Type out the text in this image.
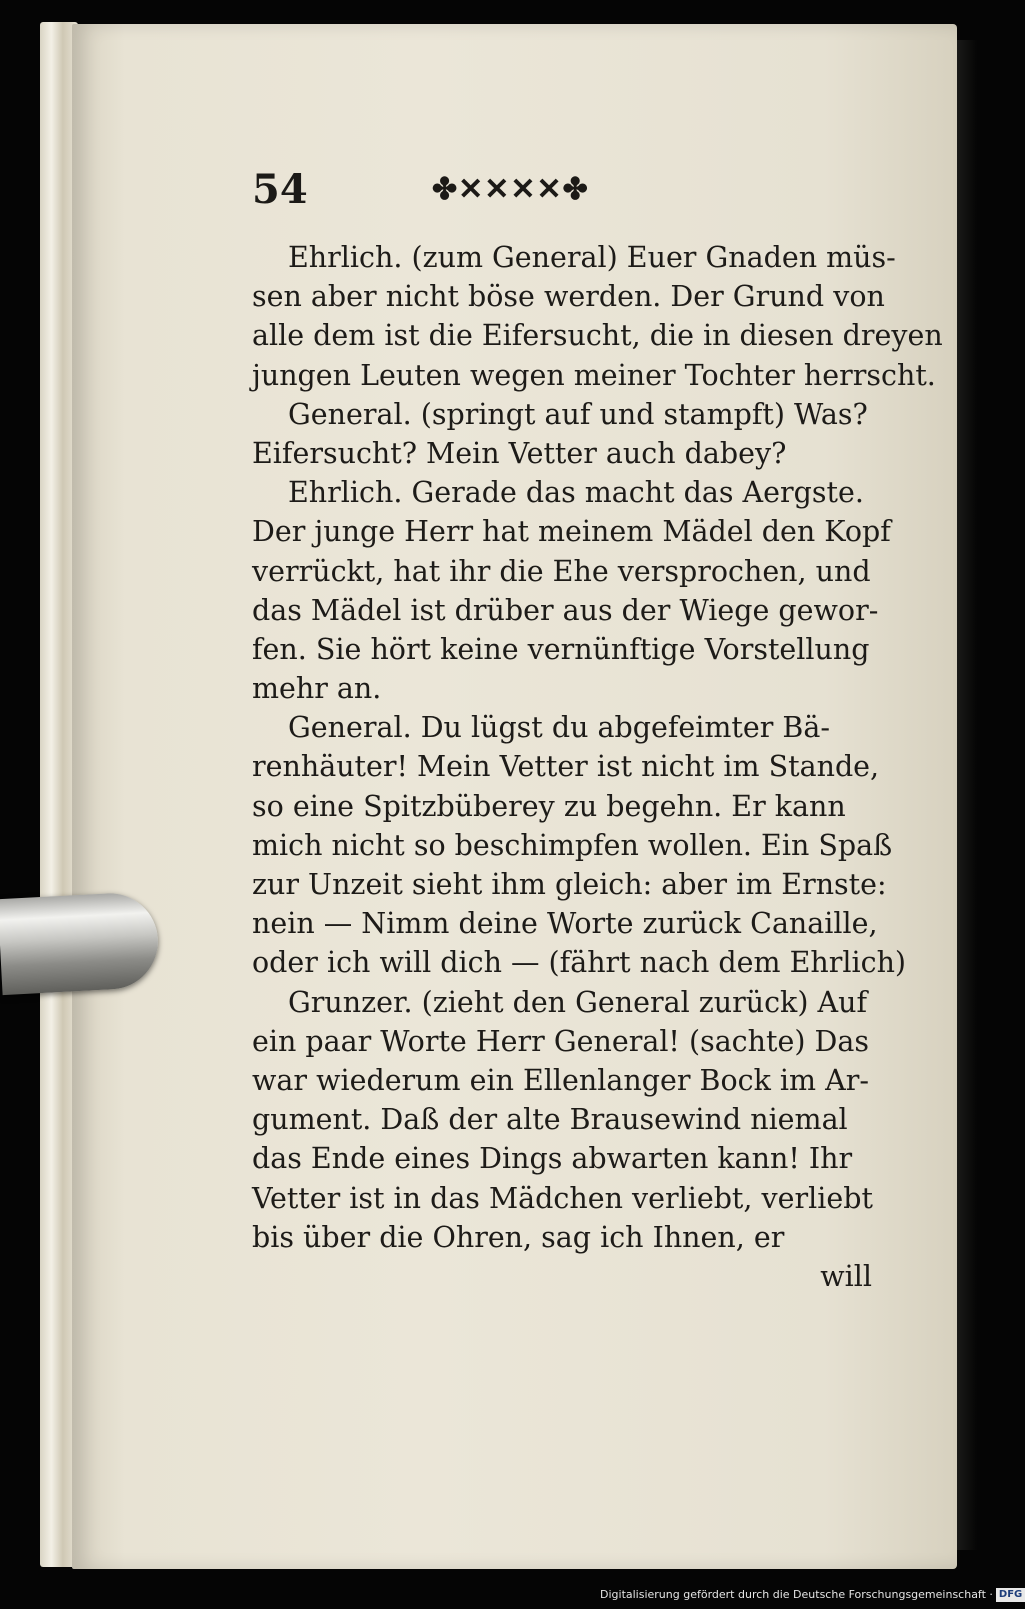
54	✤✕✕✕✕✤
Ehrlich. (zum General) Euer Gnaden müs-
sen aber nicht böse werden. Der Grund von
alle dem ist die Eifersucht, die in diesen dreyen
jungen Leuten wegen meiner Tochter herrscht.
General. (springt auf und stampft) Was?
Eifersucht? Mein Vetter auch dabey?
Ehrlich. Gerade das macht das Aergste.
Der junge Herr hat meinem Mädel den Kopf
verrückt, hat ihr die Ehe versprochen, und
das Mädel ist drüber aus der Wiege gewor-
fen. Sie hört keine vernünftige Vorstellung
mehr an.
General. Du lügst du abgefeimter Bä-
renhäuter! Mein Vetter ist nicht im Stande,
so eine Spitzbüberey zu begehn. Er kann
mich nicht so beschimpfen wollen. Ein Spaß
zur Unzeit sieht ihm gleich: aber im Ernste:
nein — Nimm deine Worte zurück Canaille,
oder ich will dich — (fährt nach dem Ehrlich)
Grunzer. (zieht den General zurück) Auf
ein paar Worte Herr General! (sachte) Das
war wiederum ein Ellenlanger Bock im Ar-
gument. Daß der alte Brausewind niemal
das Ende eines Dings abwarten kann! Ihr
Vetter ist in das Mädchen verliebt, verliebt
bis über die Ohren, sag ich Ihnen, er
will
Digitalisierung gefördert durch die Deutsche Forschungsgemeinschaft · DFG
